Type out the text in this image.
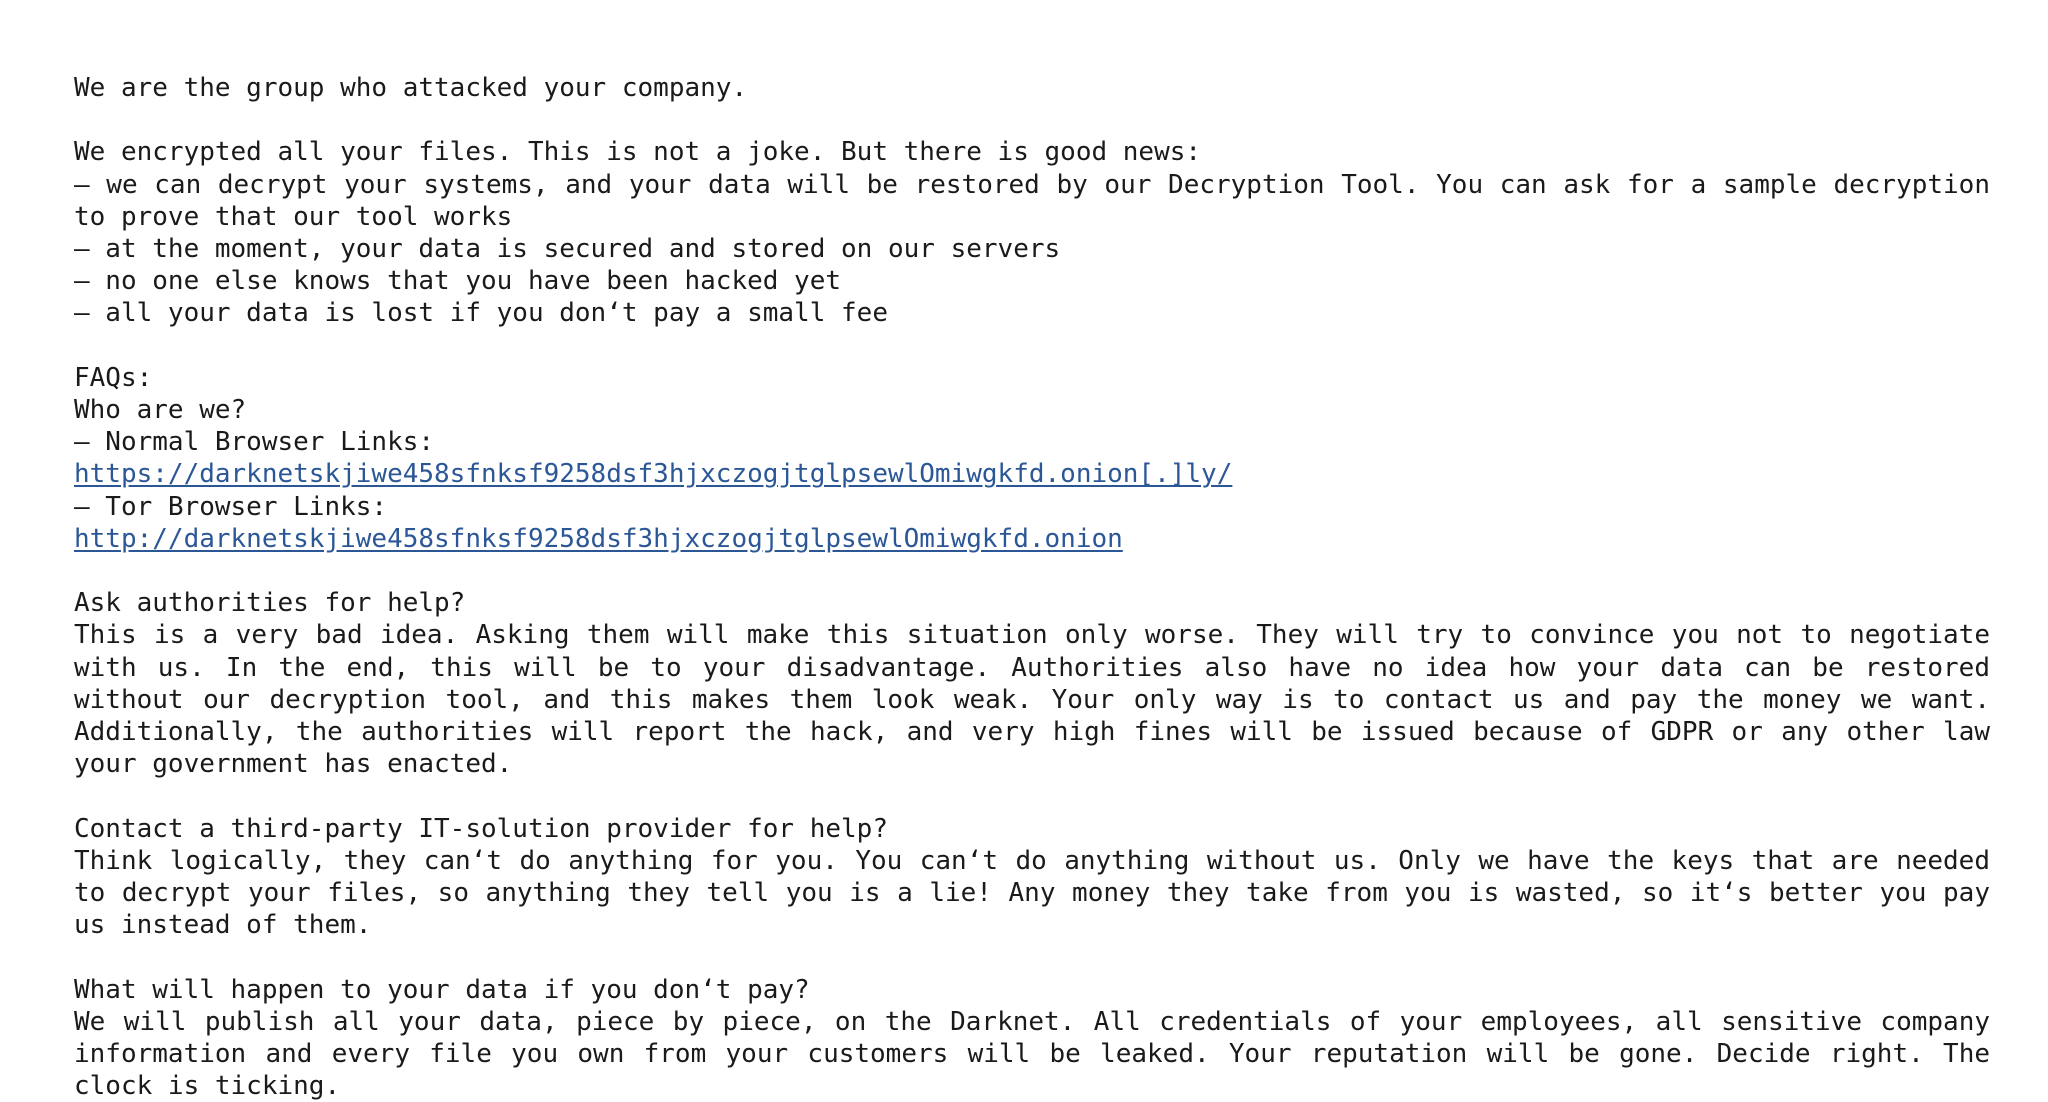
We are the group who attacked your company.
We encrypted all your files. This is not a joke. But there is good news:
– we can decrypt your systems, and your data will be restored by our Decryption Tool. You can ask for a sample decryption to prove that our tool works
– at the moment, your data is secured and stored on our servers
– no one else knows that you have been hacked yet
– all your data is lost if you don‘t pay a small fee
FAQs:
Who are we?
– Normal Browser Links:
https://darknetskjiwe458sfnksf9258dsf3hjxczogjtglpsewlOmiwgkfd.onion[.]ly/
– Tor Browser Links:
http://darknetskjiwe458sfnksf9258dsf3hjxczogjtglpsewlOmiwgkfd.onion
Ask authorities for help?
This is a very bad idea. Asking them will make this situation only worse. They will try to convince you not to negotiate with us. In the end, this will be to your disadvantage. Authorities also have no idea how your data can be restored without our decryption tool, and this makes them look weak. Your only way is to contact us and pay the money we want. Additionally, the authorities will report the hack, and very high fines will be issued because of GDPR or any other law your government has enacted.
Contact a third-party IT-solution provider for help?
Think logically, they can‘t do anything for you. You can‘t do anything without us. Only we have the keys that are needed to decrypt your files, so anything they tell you is a lie! Any money they take from you is wasted, so it‘s better you pay us instead of them.
What will happen to your data if you don‘t pay?
We will publish all your data, piece by piece, on the Darknet. All credentials of your employees, all sensitive company information and every file you own from your customers will be leaked. Your reputation will be gone. Decide right. The clock is ticking.
